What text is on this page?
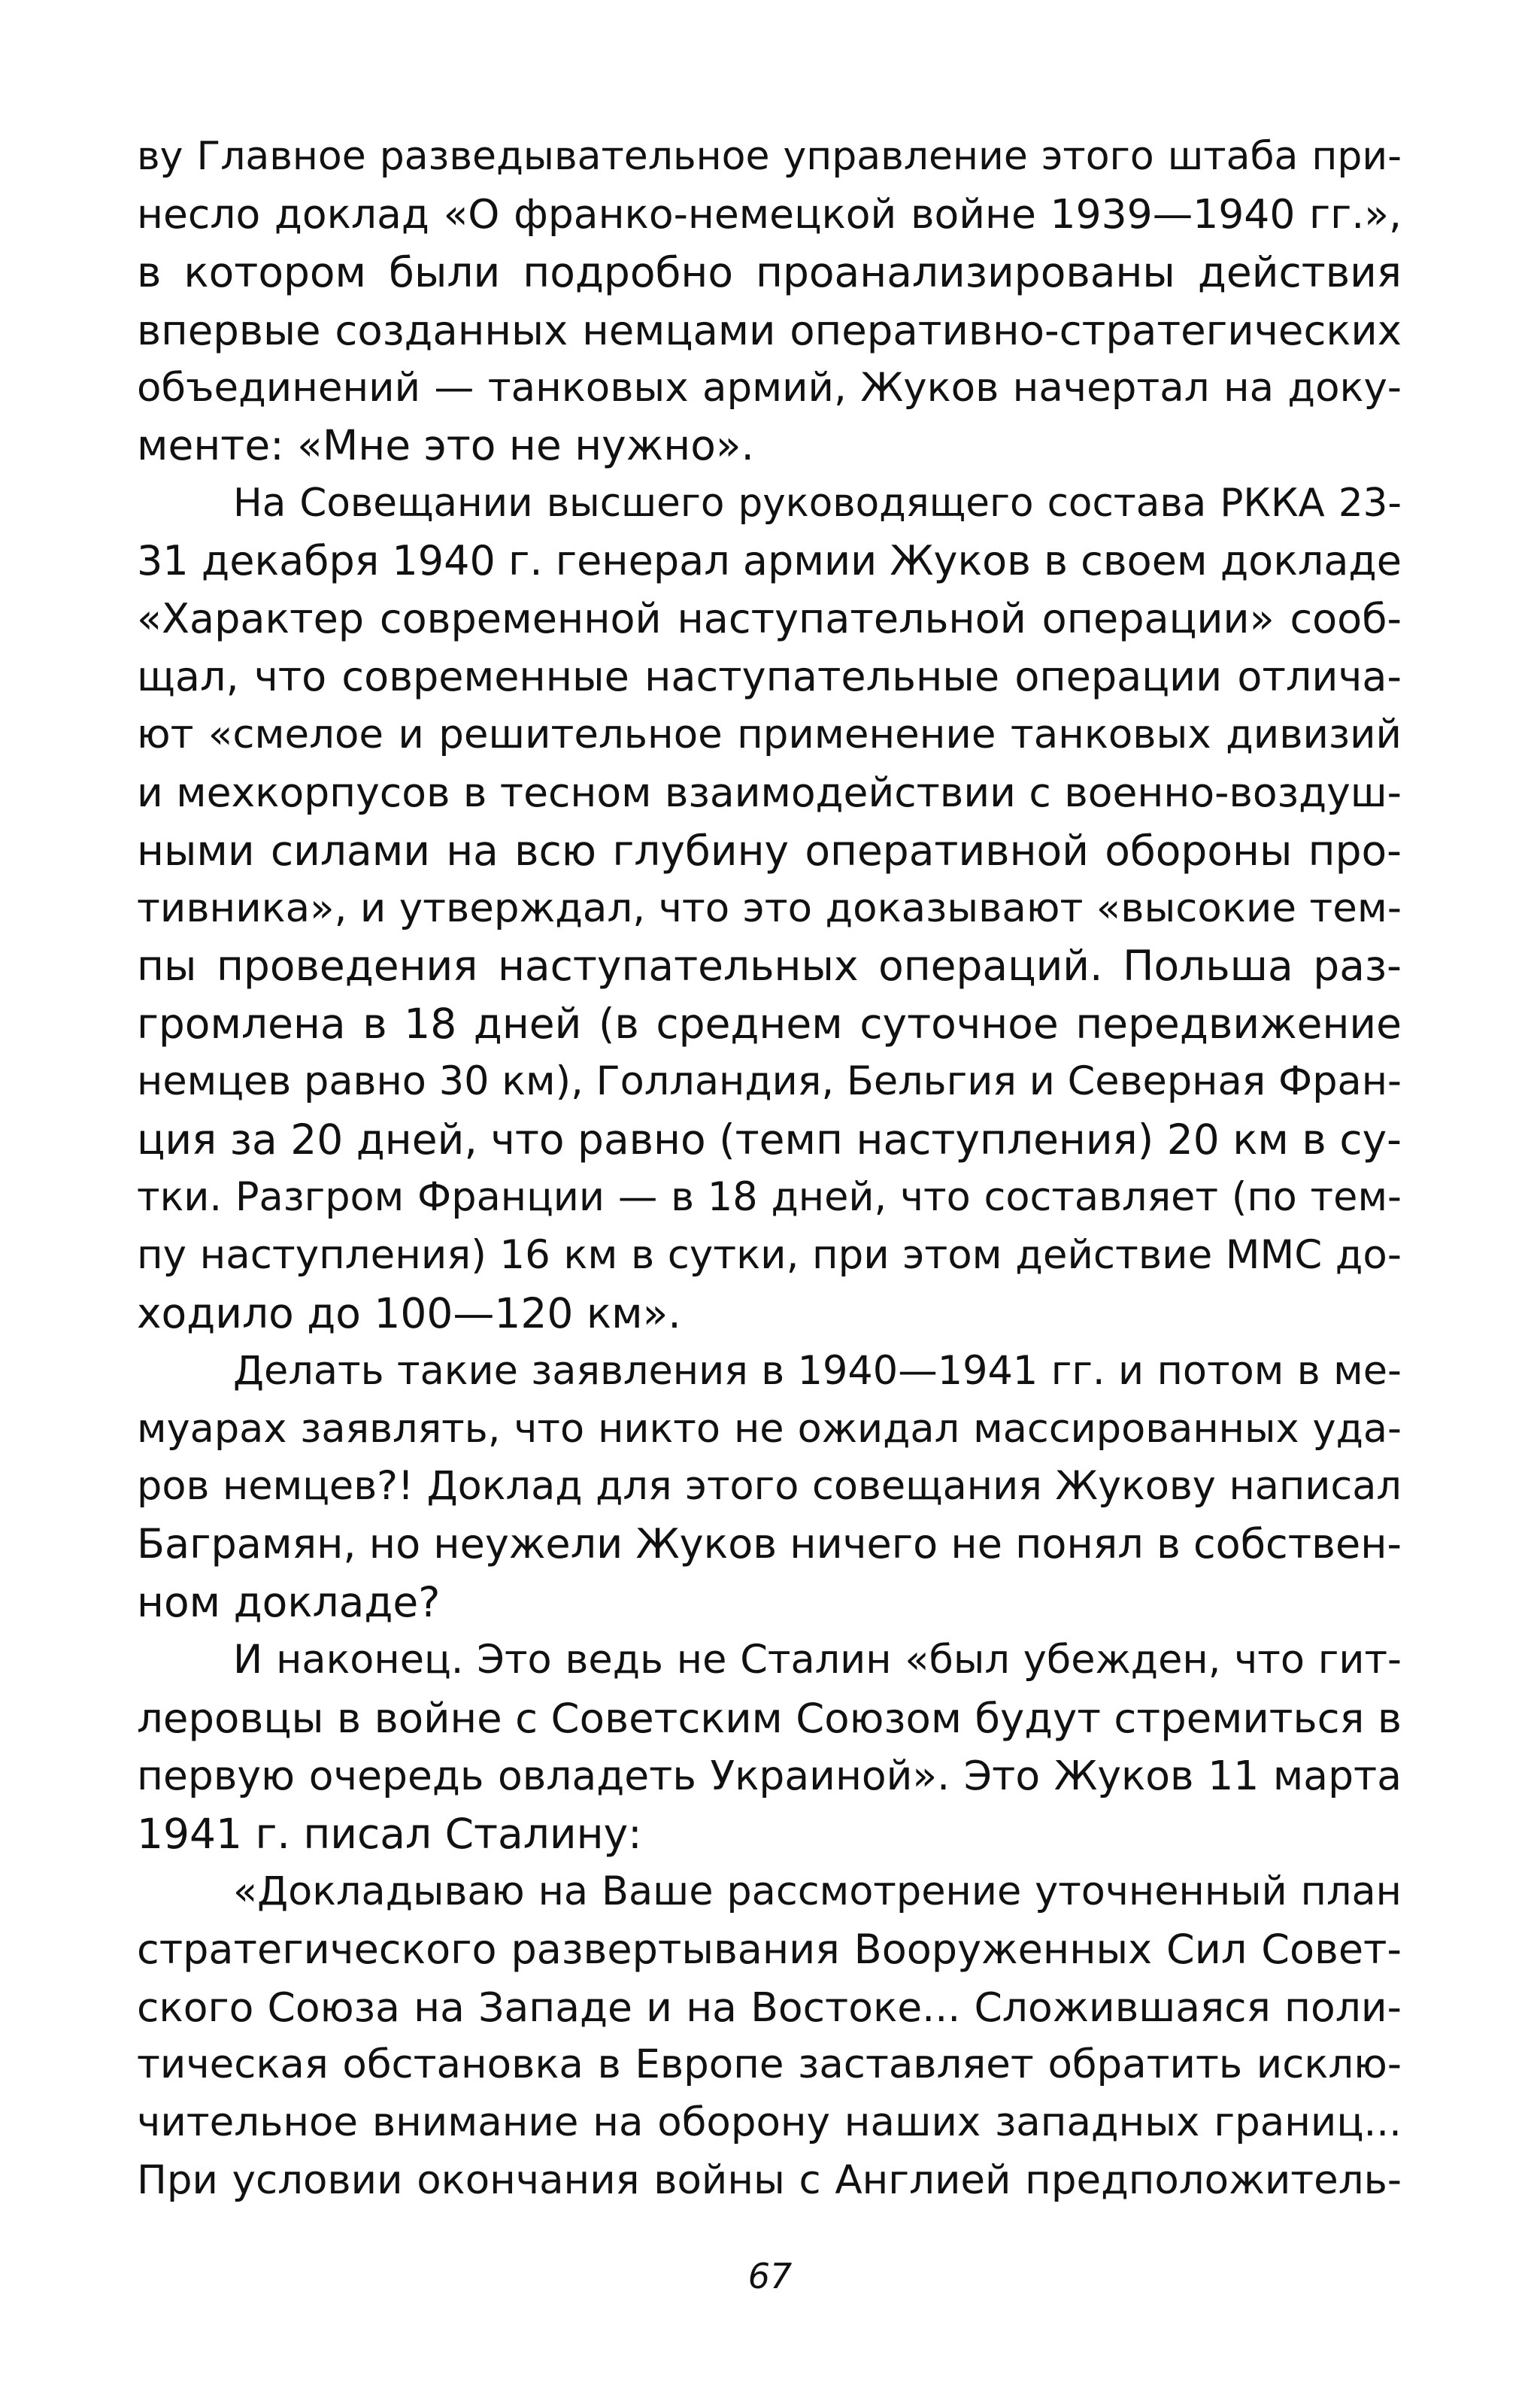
ву Главное разведывательное управление этого штаба при-
несло доклад «О франко-немецкой войне 1939—1940 гг.»,
в котором были подробно проанализированы действия
впервые созданных немцами оперативно-стратегических
объединений — танковых армий, Жуков начертал на доку-
менте: «Мне это не нужно».
На Совещании высшего руководящего состава РККА 23-
31 декабря 1940 г. генерал армии Жуков в своем докладе
«Характер современной наступательной операции» сооб-
щал, что современные наступательные операции отлича-
ют «смелое и решительное применение танковых дивизий
и мехкорпусов в тесном взаимодействии с военно-воздуш-
ными силами на всю глубину оперативной обороны про-
тивника», и утверждал, что это доказывают «высокие тем-
пы проведения наступательных операций. Польша раз-
громлена в 18 дней (в среднем суточное передвижение
немцев равно 30 км), Голландия, Бельгия и Северная Фран-
ция за 20 дней, что равно (темп наступления) 20 км в су-
тки. Разгром Франции — в 18 дней, что составляет (по тем-
пу наступления) 16 км в сутки, при этом действие ММС до-
ходило до 100—120 км».
Делать такие заявления в 1940—1941 гг. и потом в ме-
муарах заявлять, что никто не ожидал массированных уда-
ров немцев?! Доклад для этого совещания Жукову написал
Баграмян, но неужели Жуков ничего не понял в собствен-
ном докладе?
И наконец. Это ведь не Сталин «был убежден, что гит-
леровцы в войне с Советским Союзом будут стремиться в
первую очередь овладеть Украиной». Это Жуков 11 марта
1941 г. писал Сталину:
«Докладываю на Ваше рассмотрение уточненный план
стратегического развертывания Вооруженных Сил Совет-
ского Союза на Западе и на Востоке... Сложившаяся поли-
тическая обстановка в Европе заставляет обратить исклю-
чительное внимание на оборону наших западных границ...
При условии окончания войны с Англией предположитель-
67
